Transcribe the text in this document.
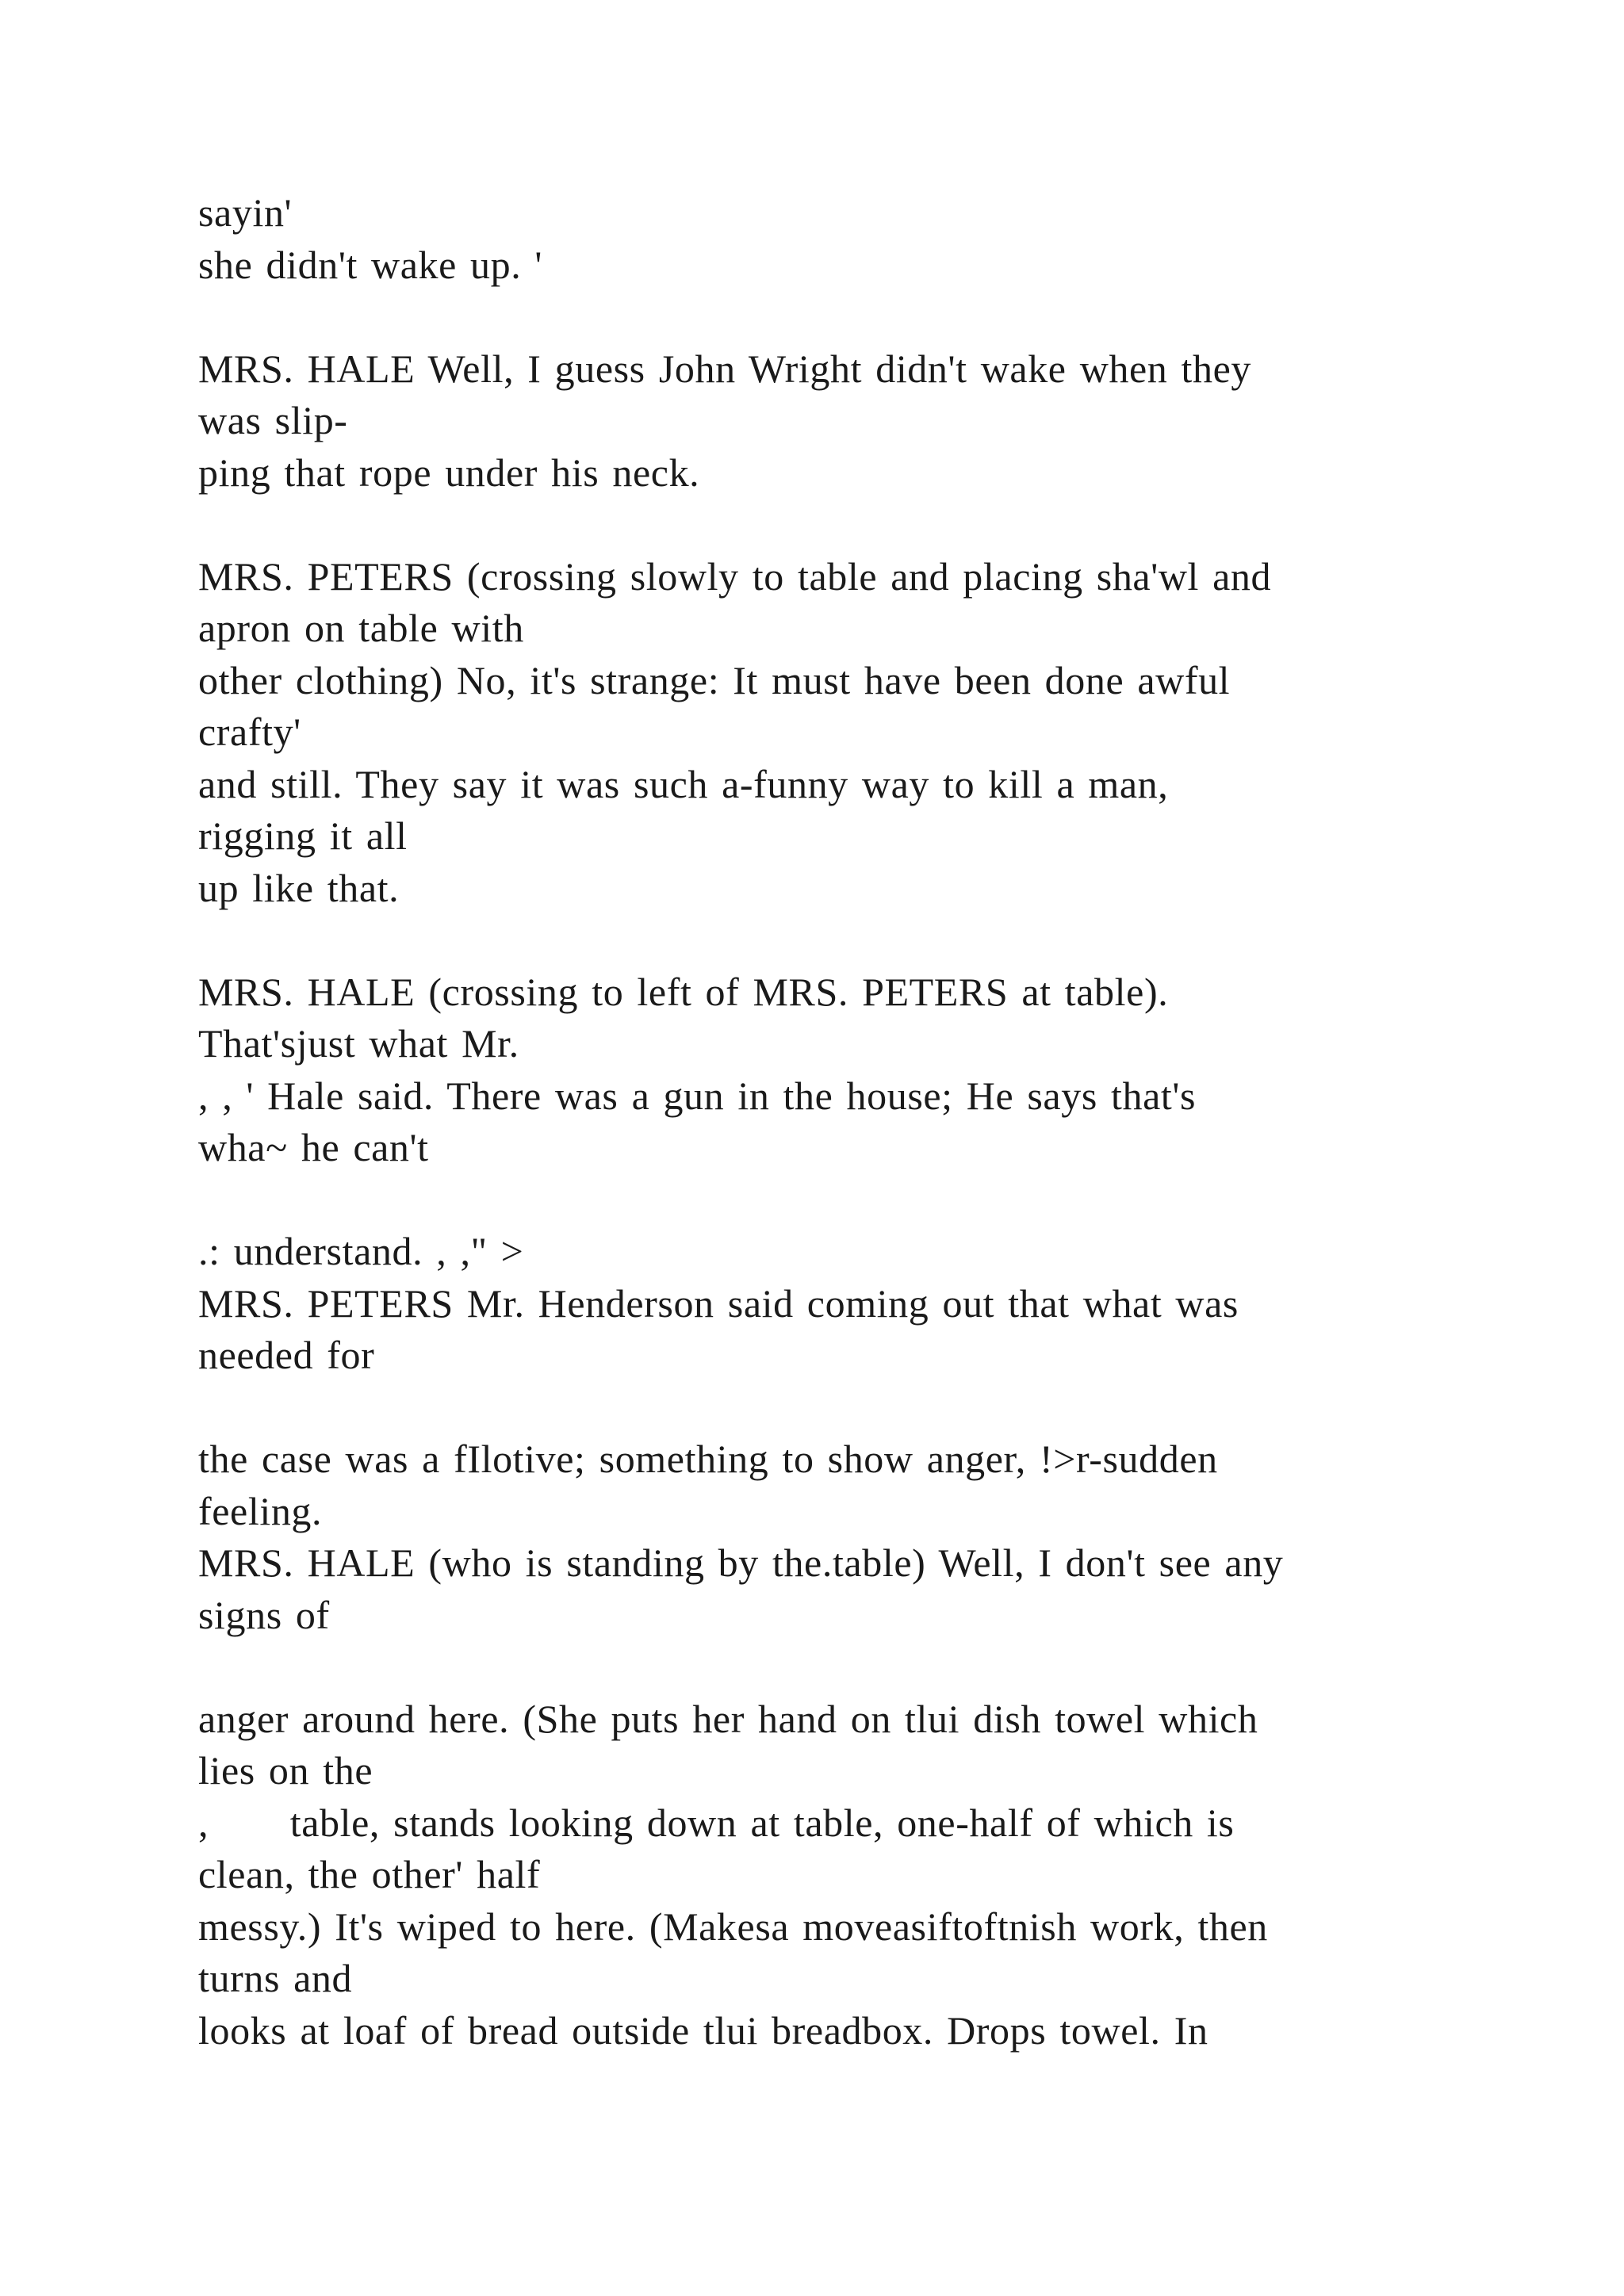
sayin'
she didn't wake up. '
MRS. HALE Well, I guess John Wright didn't wake when they
was slip-
ping that rope under his neck.
MRS. PETERS (crossing slowly to table and placing sha'wl and
apron on table with
other clothing) No, it's strange: It must have been done awful
crafty'
and still. They say it was such a-funny way to kill a man,
rigging it all
up like that.
MRS. HALE (crossing to left of MRS. PETERS at table).
That'sjust what Mr.
, , ' Hale said. There was a gun in the house; He says that's
wha~ he can't
.: understand. , ," >
MRS. PETERS Mr. Henderson said coming out that what was
needed for
the case was a fIlotive; something to show anger, !>r-sudden
feeling.
MRS. HALE (who is standing by the.table) Well, I don't see any
signs of
anger around here. (She puts her hand on tlui dish towel which
lies on the
,      table, stands looking down at table, one-half of which is
clean, the other' half
messy.) It's wiped to here. (Makesa moveasiftoftnish work, then
turns and
looks at loaf of bread outside tlui breadbox. Drops towel. In
